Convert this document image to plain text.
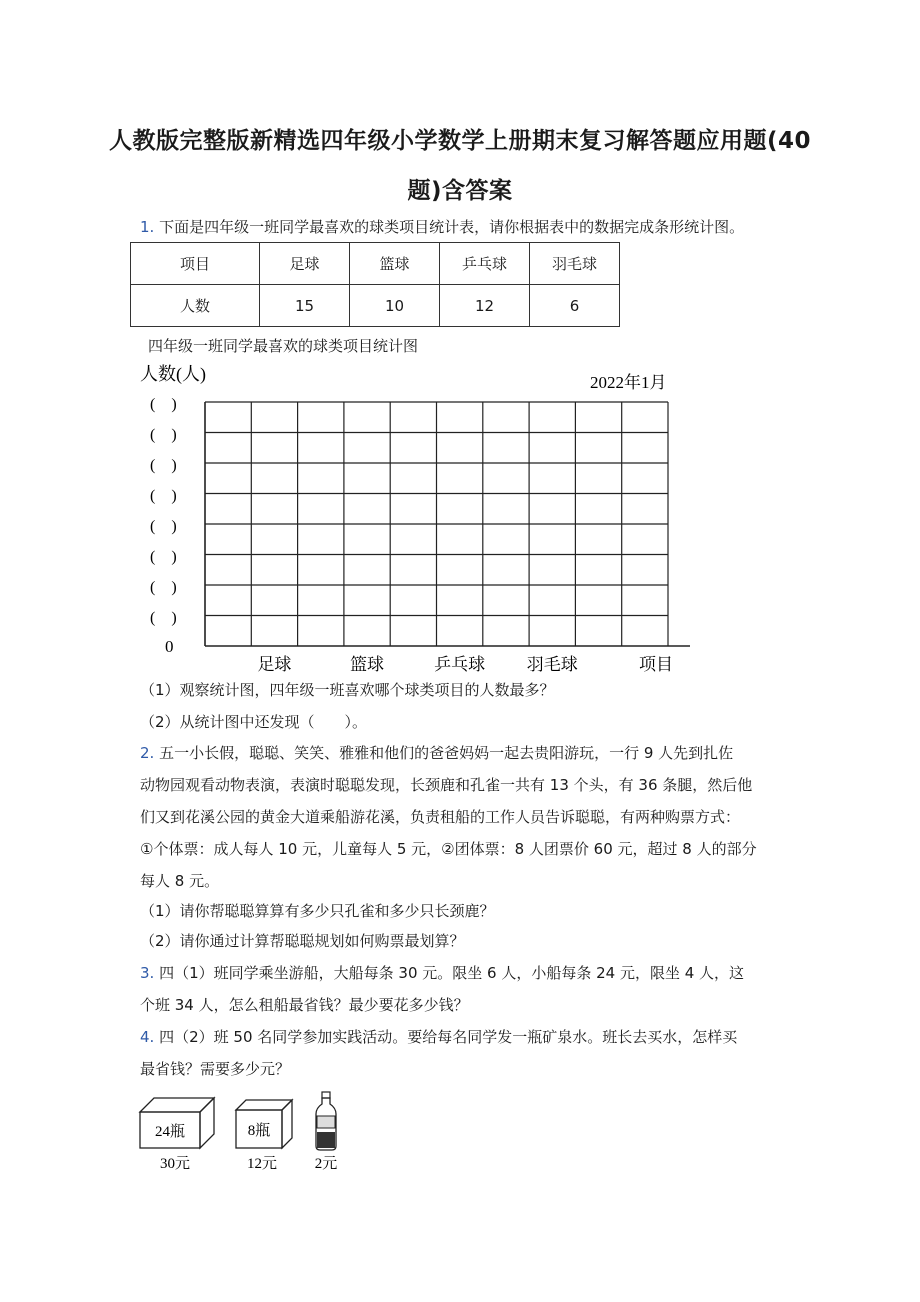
人教版完整版新精选四年级小学数学上册期末复习解答题应用题(40
题)含答案
1. 下面是四年级一班同学最喜欢的球类项目统计表，请你根据表中的数据完成条形统计图。
项目	足球	篮球	乒乓球	羽毛球
人数	15	10	12	6
四年级一班同学最喜欢的球类项目统计图
人数(人)	2022年1月
(　)
(　)
(　)
(　)
(　)
(　)
(　)
(　)
0
足球	篮球	乒乓球 羽毛球	项目
（1）观察统计图，四年级一班喜欢哪个球类项目的人数最多？
（2）从统计图中还发现（　　）。
2. 五一小长假，聪聪、笑笑、雅雅和他们的爸爸妈妈一起去贵阳游玩，一行 9 人先到扎佐
动物园观看动物表演，表演时聪聪发现，长颈鹿和孔雀一共有 13 个头，有 36 条腿，然后他
们又到花溪公园的黄金大道乘船游花溪，负责租船的工作人员告诉聪聪，有两种购票方式：
①个体票：成人每人 10 元，儿童每人 5 元，②团体票：8 人团票价 60 元，超过 8 人的部分
每人 8 元。
（1）请你帮聪聪算算有多少只孔雀和多少只长颈鹿？
（2）请你通过计算帮聪聪规划如何购票最划算？
3. 四（1）班同学乘坐游船，大船每条 30 元。限坐 6 人，小船每条 24 元，限坐 4 人，这
个班 34 人，怎么租船最省钱？最少要花多少钱？
4. 四（2）班 50 名同学参加实践活动。要给每名同学发一瓶矿泉水。班长去买水，怎样买
最省钱？需要多少元？
24瓶
30元
8瓶
12元	2元
